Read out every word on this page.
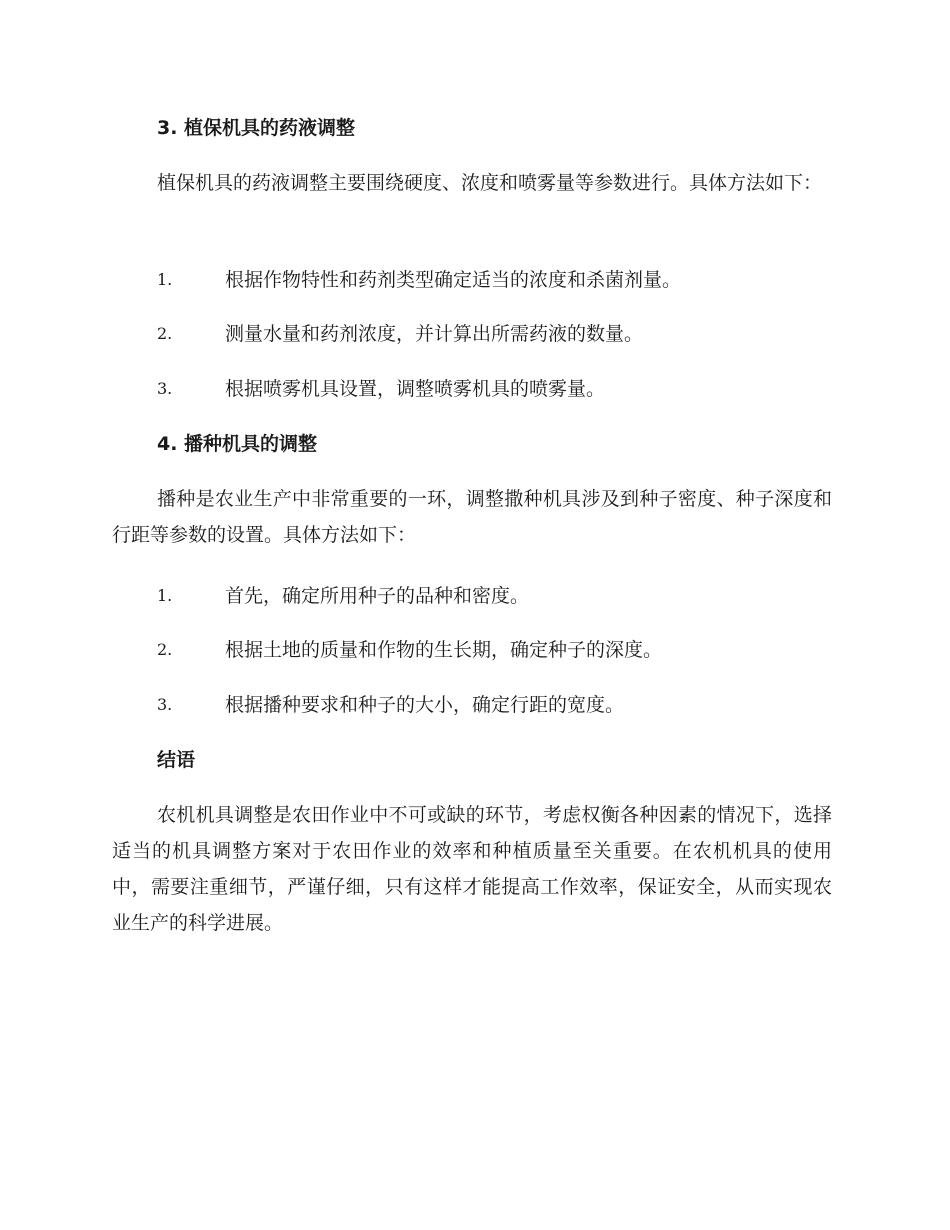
3. 植保机具的药液调整

植保机具的药液调整主要围绕硬度、浓度和喷雾量等参数进行。具体方法如下：

1.	根据作物特性和药剂类型确定适当的浓度和杀菌剂量。
2.	测量水量和药剂浓度，并计算出所需药液的数量。
3.	根据喷雾机具设置，调整喷雾机具的喷雾量。
4. 播种机具的调整

播种是农业生产中非常重要的一环，调整撒种机具涉及到种子密度、种子深度和行距等参数的设置。具体方法如下：

1.	首先，确定所用种子的品种和密度。
2.	根据土地的质量和作物的生长期，确定种子的深度。
3.	根据播种要求和种子的大小，确定行距的宽度。
结语

农机机具调整是农田作业中不可或缺的环节，考虑权衡各种因素的情况下，选择适当的机具调整方案对于农田作业的效率和种植质量至关重要。在农机机具的使用中，需要注重细节，严谨仔细，只有这样才能提高工作效率，保证安全，从而实现农业生产的科学进展。
